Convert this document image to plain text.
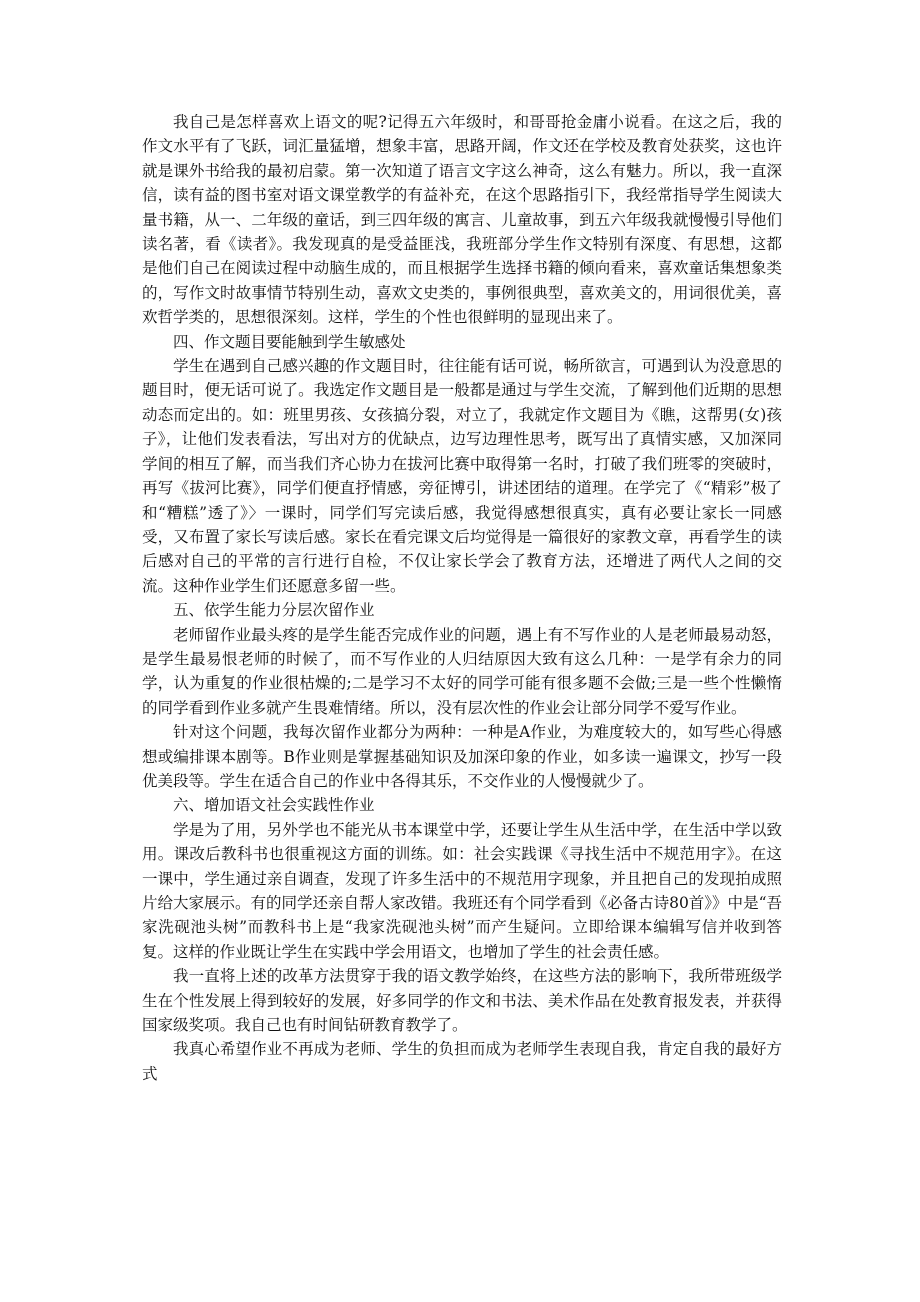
我自己是怎样喜欢上语文的呢?记得五六年级时，和哥哥抢金庸小说看。在这之后，我的作文水平有了飞跃，词汇量猛增，想象丰富，思路开阔，作文还在学校及教育处获奖，这也许就是课外书给我的最初启蒙。第一次知道了语言文字这么神奇，这么有魅力。所以，我一直深信，读有益的图书室对语文课堂教学的有益补充，在这个思路指引下，我经常指导学生阅读大量书籍，从一、二年级的童话，到三四年级的寓言、儿童故事，到五六年级我就慢慢引导他们读名著，看《读者》。我发现真的是受益匪浅，我班部分学生作文特别有深度、有思想，这都是他们自己在阅读过程中动脑生成的，而且根据学生选择书籍的倾向看来，喜欢童话集想象类的，写作文时故事情节特别生动，喜欢文史类的，事例很典型，喜欢美文的，用词很优美，喜欢哲学类的，思想很深刻。这样，学生的个性也很鲜明的显现出来了。

四、作文题目要能触到学生敏感处

学生在遇到自己感兴趣的作文题目时，往往能有话可说，畅所欲言，可遇到认为没意思的题目时，便无话可说了。我选定作文题目是一般都是通过与学生交流，了解到他们近期的思想动态而定出的。如：班里男孩、女孩搞分裂，对立了，我就定作文题目为《瞧，这帮男(女)孩子》，让他们发表看法，写出对方的优缺点，边写边理性思考，既写出了真情实感，又加深同学间的相互了解，而当我们齐心协力在拔河比赛中取得第一名时，打破了我们班零的突破时，再写《拔河比赛》，同学们便直抒情感，旁征博引，讲述团结的道理。在学完了《“精彩”极了和“糟糕”透了》〉一课时，同学们写完读后感，我觉得感想很真实，真有必要让家长一同感受，又布置了家长写读后感。家长在看完课文后均觉得是一篇很好的家教文章，再看学生的读后感对自己的平常的言行进行自检，不仅让家长学会了教育方法，还增进了两代人之间的交流。这种作业学生们还愿意多留一些。

五、依学生能力分层次留作业

老师留作业最头疼的是学生能否完成作业的问题，遇上有不写作业的人是老师最易动怒，是学生最易恨老师的时候了，而不写作业的人归结原因大致有这么几种：一是学有余力的同学，认为重复的作业很枯燥的;二是学习不太好的同学可能有很多题不会做;三是一些个性懒惰的同学看到作业多就产生畏难情绪。所以，没有层次性的作业会让部分同学不爱写作业。

针对这个问题，我每次留作业都分为两种：一种是A作业，为难度较大的，如写些心得感想或编排课本剧等。B作业则是掌握基础知识及加深印象的作业，如多读一遍课文，抄写一段优美段等。学生在适合自己的作业中各得其乐，不交作业的人慢慢就少了。

六、增加语文社会实践性作业

学是为了用，另外学也不能光从书本课堂中学，还要让学生从生活中学，在生活中学以致用。课改后教科书也很重视这方面的训练。如：社会实践课《寻找生活中不规范用字》。在这一课中，学生通过亲自调查，发现了许多生活中的不规范用字现象，并且把自己的发现拍成照片给大家展示。有的同学还亲自帮人家改错。我班还有个同学看到《必备古诗80首》》中是“吾家洗砚池头树”而教科书上是“我家洗砚池头树”而产生疑问。立即给课本编辑写信并收到答复。这样的作业既让学生在实践中学会用语文，也增加了学生的社会责任感。

我一直将上述的改革方法贯穿于我的语文教学始终，在这些方法的影响下，我所带班级学生在个性发展上得到较好的发展，好多同学的作文和书法、美术作品在处教育报发表，并获得国家级奖项。我自己也有时间钻研教育教学了。

我真心希望作业不再成为老师、学生的负担而成为老师学生表现自我，肯定自我的最好方式
